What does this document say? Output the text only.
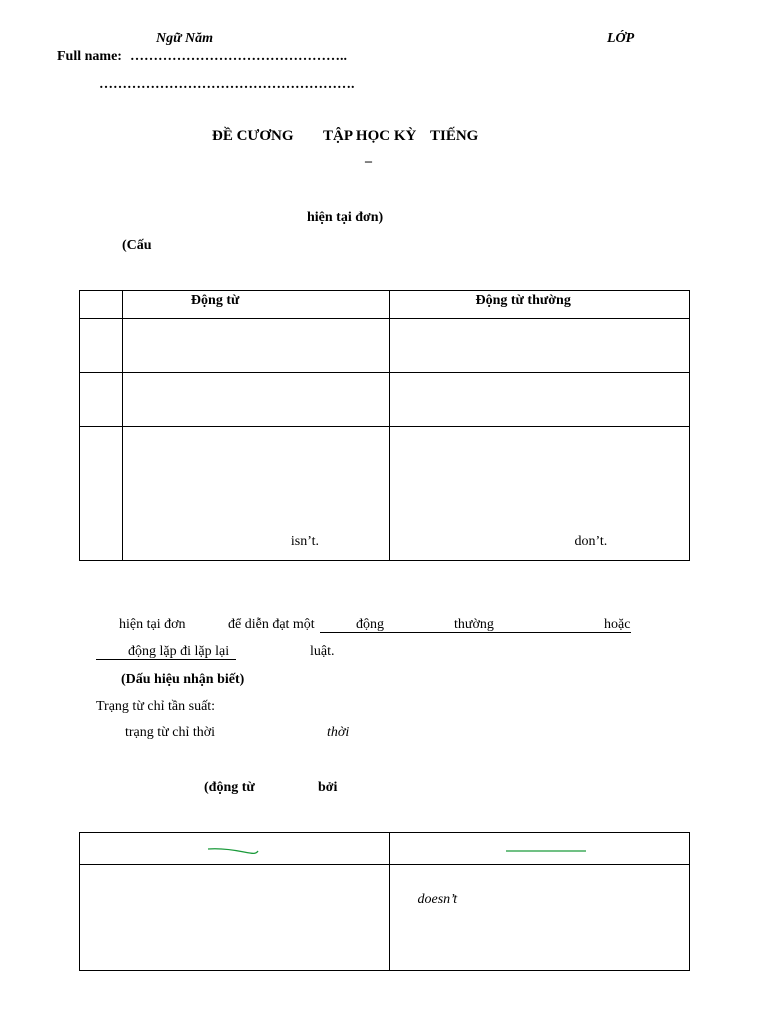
Ngữ Năm	LỚP
Full name: ………………………………………..
……………………………………………….
ĐỀ CƯƠNG TẬP HỌC KỲ TIẾNG
–
hiện tại đơn)
(Cấu

	Động từ	Động từ thường

	isn’t.	don’t.
hiện tại đơn	để diễn đạt một	động	thường	hoặc
động lặp đi lặp lại	luật.
(Dấu hiệu nhận biết)
Trạng từ chỉ tần suất:
trạng từ chỉ thời	thời
(động từ	bởi

	doesn’t
